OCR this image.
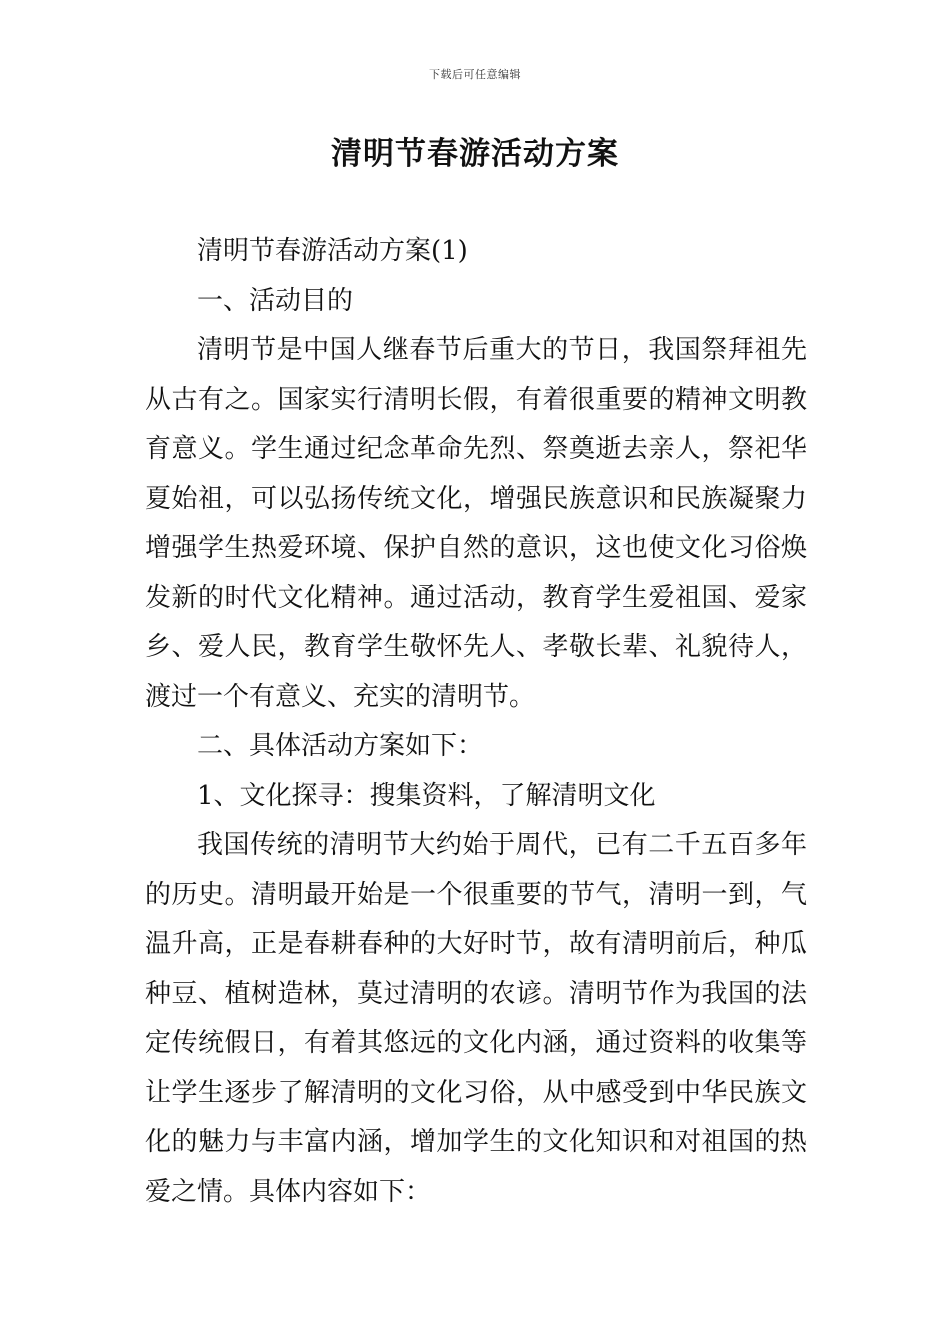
下载后可任意编辑
清明节春游活动方案

清明节春游活动方案(1)

一、活动目的

清明节是中国人继春节后重大的节日，我国祭拜祖先从古有之。国家实行清明长假，有着很重要的精神文明教育意义。学生通过纪念革命先烈、祭奠逝去亲人，祭祀华夏始祖，可以弘扬传统文化，增强民族意识和民族凝聚力增强学生热爱环境、保护自然的意识，这也使文化习俗焕发新的时代文化精神。通过活动，教育学生爱祖国、爱家乡、爱人民，教育学生敬怀先人、孝敬长辈、礼貌待人，渡过一个有意义、充实的清明节。

二、具体活动方案如下：

1、文化探寻：搜集资料，了解清明文化

我国传统的清明节大约始于周代，已有二千五百多年的历史。清明最开始是一个很重要的节气，清明一到，气温升高，正是春耕春种的大好时节，故有清明前后，种瓜种豆、植树造林，莫过清明的农谚。清明节作为我国的法定传统假日，有着其悠远的文化内涵，通过资料的收集等让学生逐步了解清明的文化习俗，从中感受到中华民族文化的魅力与丰富内涵，增加学生的文化知识和对祖国的热爱之情。具体内容如下：
